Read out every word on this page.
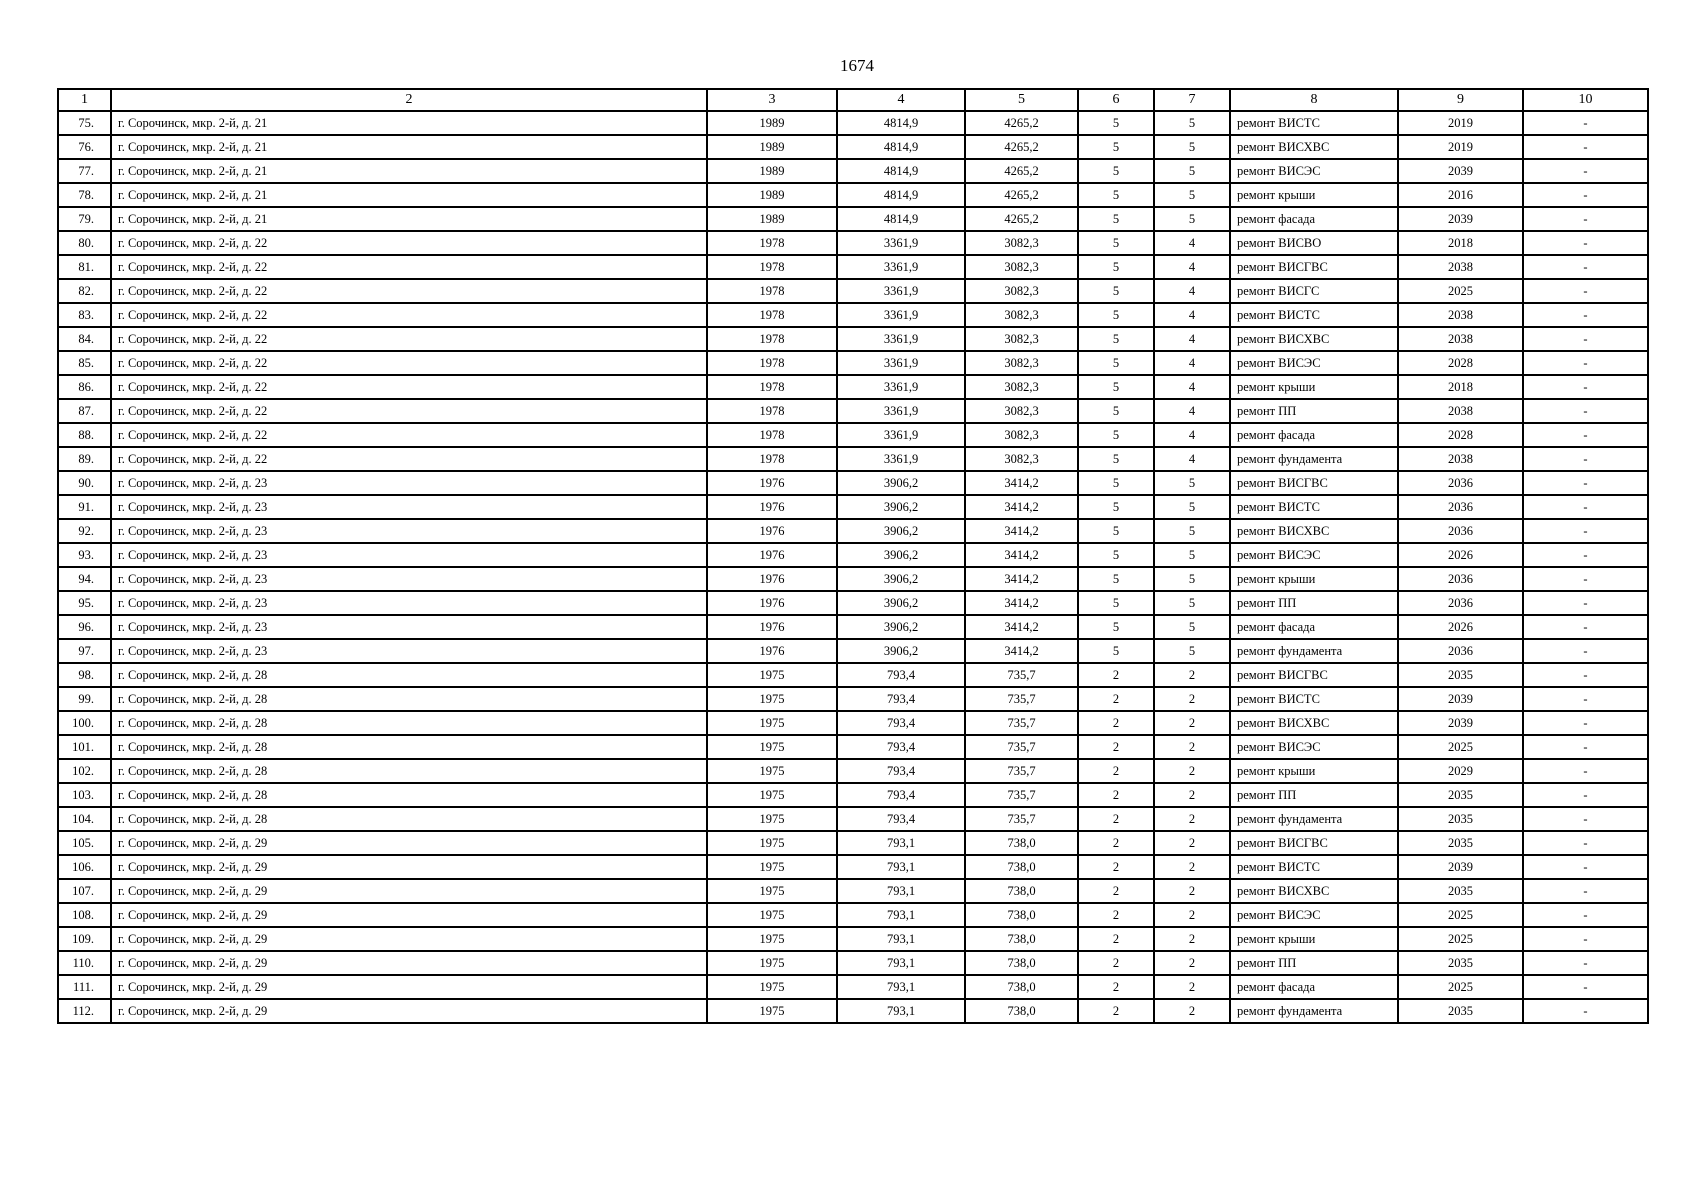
1674
1	2	3	4	5	6	7	8	9	10
75.	г. Сорочинск, мкр. 2-й, д. 21	1989	4814,9	4265,2	5	5	ремонт ВИСТС	2019	-
76.	г. Сорочинск, мкр. 2-й, д. 21	1989	4814,9	4265,2	5	5	ремонт ВИСХВС	2019	-
77.	г. Сорочинск, мкр. 2-й, д. 21	1989	4814,9	4265,2	5	5	ремонт ВИСЭС	2039	-
78.	г. Сорочинск, мкр. 2-й, д. 21	1989	4814,9	4265,2	5	5	ремонт крыши	2016	-
79.	г. Сорочинск, мкр. 2-й, д. 21	1989	4814,9	4265,2	5	5	ремонт фасада	2039	-
80.	г. Сорочинск, мкр. 2-й, д. 22	1978	3361,9	3082,3	5	4	ремонт ВИСВО	2018	-
81.	г. Сорочинск, мкр. 2-й, д. 22	1978	3361,9	3082,3	5	4	ремонт ВИСГВС	2038	-
82.	г. Сорочинск, мкр. 2-й, д. 22	1978	3361,9	3082,3	5	4	ремонт ВИСГС	2025	-
83.	г. Сорочинск, мкр. 2-й, д. 22	1978	3361,9	3082,3	5	4	ремонт ВИСТС	2038	-
84.	г. Сорочинск, мкр. 2-й, д. 22	1978	3361,9	3082,3	5	4	ремонт ВИСХВС	2038	-
85.	г. Сорочинск, мкр. 2-й, д. 22	1978	3361,9	3082,3	5	4	ремонт ВИСЭС	2028	-
86.	г. Сорочинск, мкр. 2-й, д. 22	1978	3361,9	3082,3	5	4	ремонт крыши	2018	-
87.	г. Сорочинск, мкр. 2-й, д. 22	1978	3361,9	3082,3	5	4	ремонт ПП	2038	-
88.	г. Сорочинск, мкр. 2-й, д. 22	1978	3361,9	3082,3	5	4	ремонт фасада	2028	-
89.	г. Сорочинск, мкр. 2-й, д. 22	1978	3361,9	3082,3	5	4	ремонт фундамента	2038	-
90.	г. Сорочинск, мкр. 2-й, д. 23	1976	3906,2	3414,2	5	5	ремонт ВИСГВС	2036	-
91.	г. Сорочинск, мкр. 2-й, д. 23	1976	3906,2	3414,2	5	5	ремонт ВИСТС	2036	-
92.	г. Сорочинск, мкр. 2-й, д. 23	1976	3906,2	3414,2	5	5	ремонт ВИСХВС	2036	-
93.	г. Сорочинск, мкр. 2-й, д. 23	1976	3906,2	3414,2	5	5	ремонт ВИСЭС	2026	-
94.	г. Сорочинск, мкр. 2-й, д. 23	1976	3906,2	3414,2	5	5	ремонт крыши	2036	-
95.	г. Сорочинск, мкр. 2-й, д. 23	1976	3906,2	3414,2	5	5	ремонт ПП	2036	-
96.	г. Сорочинск, мкр. 2-й, д. 23	1976	3906,2	3414,2	5	5	ремонт фасада	2026	-
97.	г. Сорочинск, мкр. 2-й, д. 23	1976	3906,2	3414,2	5	5	ремонт фундамента	2036	-
98.	г. Сорочинск, мкр. 2-й, д. 28	1975	793,4	735,7	2	2	ремонт ВИСГВС	2035	-
99.	г. Сорочинск, мкр. 2-й, д. 28	1975	793,4	735,7	2	2	ремонт ВИСТС	2039	-
100.	г. Сорочинск, мкр. 2-й, д. 28	1975	793,4	735,7	2	2	ремонт ВИСХВС	2039	-
101.	г. Сорочинск, мкр. 2-й, д. 28	1975	793,4	735,7	2	2	ремонт ВИСЭС	2025	-
102.	г. Сорочинск, мкр. 2-й, д. 28	1975	793,4	735,7	2	2	ремонт крыши	2029	-
103.	г. Сорочинск, мкр. 2-й, д. 28	1975	793,4	735,7	2	2	ремонт ПП	2035	-
104.	г. Сорочинск, мкр. 2-й, д. 28	1975	793,4	735,7	2	2	ремонт фундамента	2035	-
105.	г. Сорочинск, мкр. 2-й, д. 29	1975	793,1	738,0	2	2	ремонт ВИСГВС	2035	-
106.	г. Сорочинск, мкр. 2-й, д. 29	1975	793,1	738,0	2	2	ремонт ВИСТС	2039	-
107.	г. Сорочинск, мкр. 2-й, д. 29	1975	793,1	738,0	2	2	ремонт ВИСХВС	2035	-
108.	г. Сорочинск, мкр. 2-й, д. 29	1975	793,1	738,0	2	2	ремонт ВИСЭС	2025	-
109.	г. Сорочинск, мкр. 2-й, д. 29	1975	793,1	738,0	2	2	ремонт крыши	2025	-
110.	г. Сорочинск, мкр. 2-й, д. 29	1975	793,1	738,0	2	2	ремонт ПП	2035	-
111.	г. Сорочинск, мкр. 2-й, д. 29	1975	793,1	738,0	2	2	ремонт фасада	2025	-
112.	г. Сорочинск, мкр. 2-й, д. 29	1975	793,1	738,0	2	2	ремонт фундамента	2035	-
